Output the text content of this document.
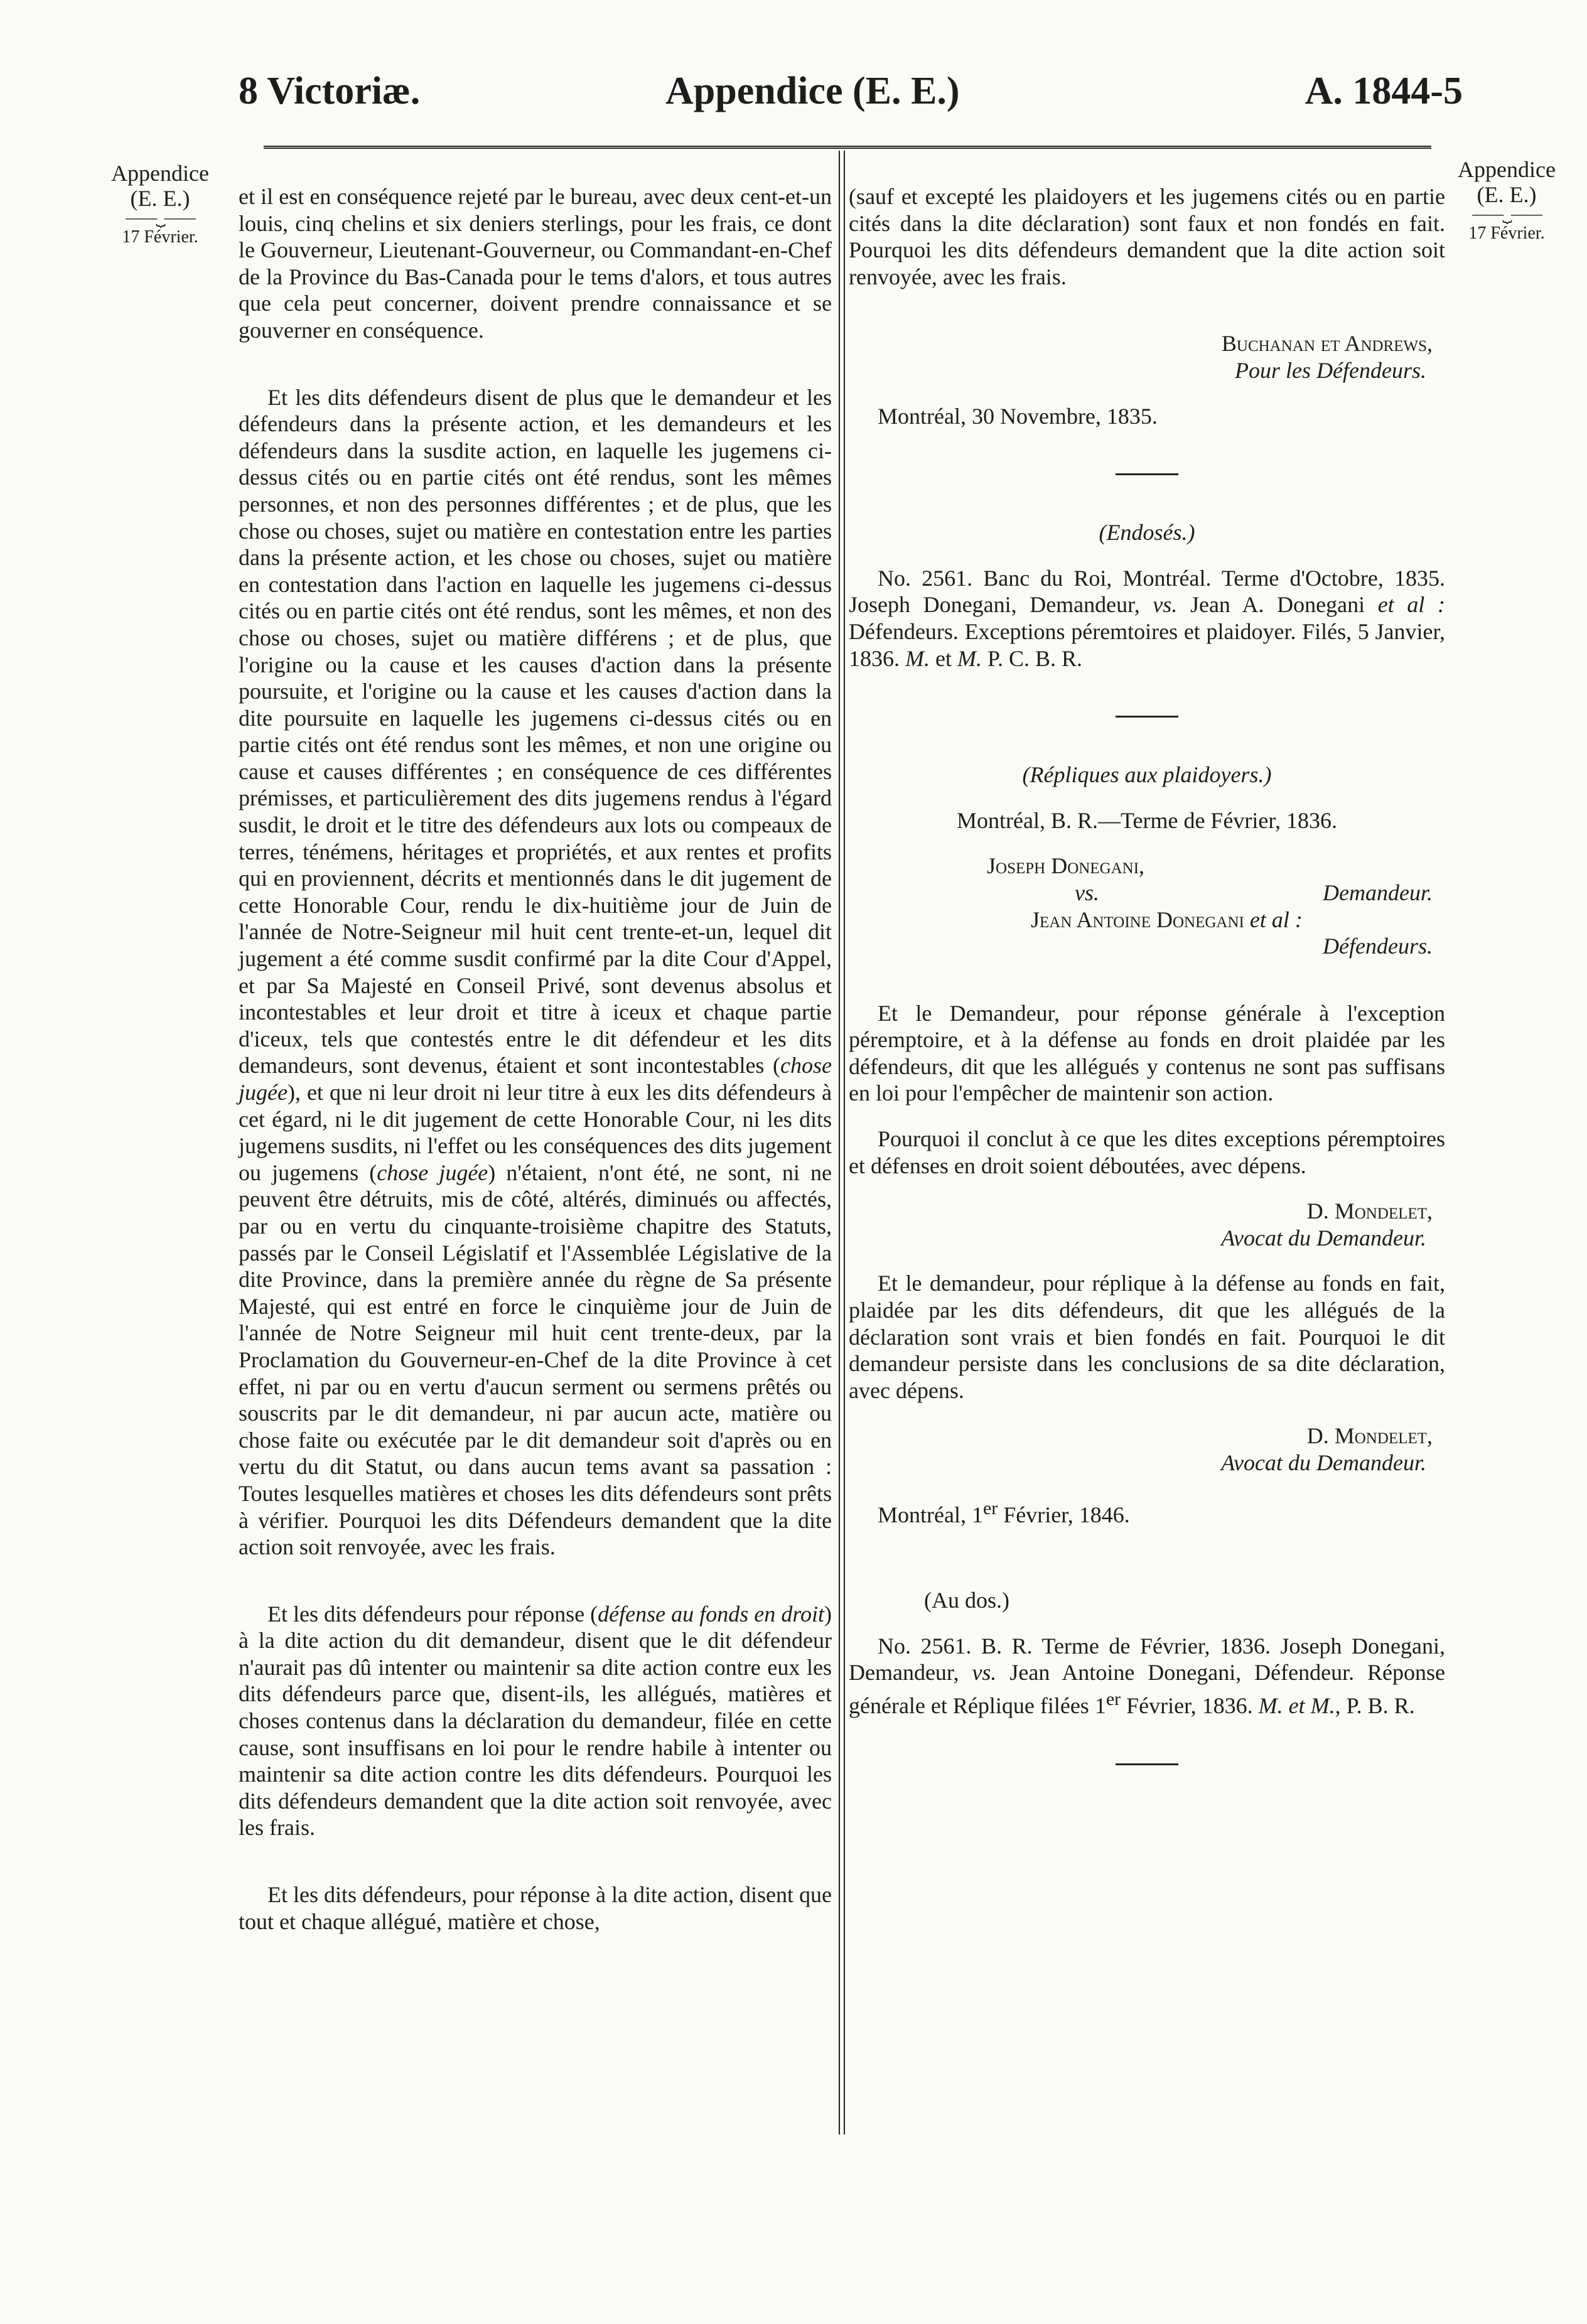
8 Victoriæ.	Appendice (E. E.)	A. 1844-5
Appendice
(E. E.)
——⏟——
17 Février.
Appendice
(E. E.)
——⏟——
17 Février.

et il est en conséquence rejeté par le bureau, avec deux cent-et-un louis, cinq chelins et six deniers sterlings, pour les frais, ce dont le Gouverneur, Lieutenant-Gouverneur, ou Commandant-en-Chef de la Province du Bas-Canada pour le tems d'alors, et tous autres que cela peut concerner, doivent prendre connaissance et se gouverner en conséquence.

Et les dits défendeurs disent de plus que le demandeur et les défendeurs dans la présente action, et les demandeurs et les défendeurs dans la susdite action, en laquelle les jugemens ci-dessus cités ou en partie cités ont été rendus, sont les mêmes personnes, et non des personnes différentes ; et de plus, que les chose ou choses, sujet ou matière en contestation entre les parties dans la présente action, et les chose ou choses, sujet ou matière en contestation dans l'action en laquelle les jugemens ci-dessus cités ou en partie cités ont été rendus, sont les mêmes, et non des chose ou choses, sujet ou matière différens ; et de plus, que l'origine ou la cause et les causes d'action dans la présente poursuite, et l'origine ou la cause et les causes d'action dans la dite poursuite en laquelle les jugemens ci-dessus cités ou en partie cités ont été rendus sont les mêmes, et non une origine ou cause et causes différentes ; en conséquence de ces différentes prémisses, et particulièrement des dits jugemens rendus à l'égard susdit, le droit et le titre des défendeurs aux lots ou compeaux de terres, ténémens, héritages et propriétés, et aux rentes et profits qui en proviennent, décrits et mentionnés dans le dit jugement de cette Honorable Cour, rendu le dix-huitième jour de Juin de l'année de Notre-Seigneur mil huit cent trente-et-un, lequel dit jugement a été comme susdit confirmé par la dite Cour d'Appel, et par Sa Majesté en Conseil Privé, sont devenus absolus et incontestables et leur droit et titre à iceux et chaque partie d'iceux, tels que contestés entre le dit défendeur et les dits demandeurs, sont devenus, étaient et sont incontestables (chose jugée), et que ni leur droit ni leur titre à eux les dits défendeurs à cet égard, ni le dit jugement de cette Honorable Cour, ni les dits jugemens susdits, ni l'effet ou les conséquences des dits jugement ou jugemens (chose jugée) n'étaient, n'ont été, ne sont, ni ne peuvent être détruits, mis de côté, altérés, diminués ou affectés, par ou en vertu du cinquante-troisième chapitre des Statuts, passés par le Conseil Législatif et l'Assemblée Législative de la dite Province, dans la première année du règne de Sa présente Majesté, qui est entré en force le cinquième jour de Juin de l'année de Notre Seigneur mil huit cent trente-deux, par la Proclamation du Gouverneur-en-Chef de la dite Province à cet effet, ni par ou en vertu d'aucun serment ou sermens prêtés ou souscrits par le dit demandeur, ni par aucun acte, matière ou chose faite ou exécutée par le dit demandeur soit d'après ou en vertu du dit Statut, ou dans aucun tems avant sa passation : Toutes lesquelles matières et choses les dits défendeurs sont prêts à vérifier. Pourquoi les dits Défendeurs demandent que la dite action soit renvoyée, avec les frais.

Et les dits défendeurs pour réponse (défense au fonds en droit) à la dite action du dit demandeur, disent que le dit défendeur n'aurait pas dû intenter ou maintenir sa dite action contre eux les dits défendeurs parce que, disent-ils, les allégués, matières et choses contenus dans la déclaration du demandeur, filée en cette cause, sont insuffisans en loi pour le rendre habile à intenter ou maintenir sa dite action contre les dits défendeurs. Pourquoi les dits défendeurs demandent que la dite action soit renvoyée, avec les frais.

Et les dits défendeurs, pour réponse à la dite action, disent que tout et chaque allégué, matière et chose,

(sauf et excepté les plaidoyers et les jugemens cités ou en partie cités dans la dite déclaration) sont faux et non fondés en fait. Pourquoi les dits défendeurs demandent que la dite action soit renvoyée, avec les frais.

Buchanan et Andrews,

Pour les Défendeurs.

Montréal, 30 Novembre, 1835.

(Endosés.)

No. 2561. Banc du Roi, Montréal. Terme d'Octobre, 1835. Joseph Donegani, Demandeur, vs. Jean A. Donegani et al : Défendeurs. Exceptions péremtoires et plaidoyer. Filés, 5 Janvier, 1836. M. et M. P. C. B. R.

(Répliques aux plaidoyers.)

Montréal, B. R.—Terme de Février, 1836.

Joseph Donegani,

vs.	Demandeur.

Jean Antoine Donegani et al :

Défendeurs.

Et le Demandeur, pour réponse générale à l'exception péremptoire, et à la défense au fonds en droit plaidée par les défendeurs, dit que les allégués y contenus ne sont pas suffisans en loi pour l'empêcher de maintenir son action.

Pourquoi il conclut à ce que les dites exceptions péremptoires et défenses en droit soient déboutées, avec dépens.

D. Mondelet,

Avocat du Demandeur.

Et le demandeur, pour réplique à la défense au fonds en fait, plaidée par les dits défendeurs, dit que les allégués de la déclaration sont vrais et bien fondés en fait. Pourquoi le dit demandeur persiste dans les conclusions de sa dite déclaration, avec dépens.

D. Mondelet,

Avocat du Demandeur.

Montréal, 1er Février, 1846.

(Au dos.)

No. 2561. B. R. Terme de Février, 1836. Joseph Donegani, Demandeur, vs. Jean Antoine Donegani, Défendeur. Réponse générale et Réplique filées 1er Février, 1836. M. et M., P. B. R.
